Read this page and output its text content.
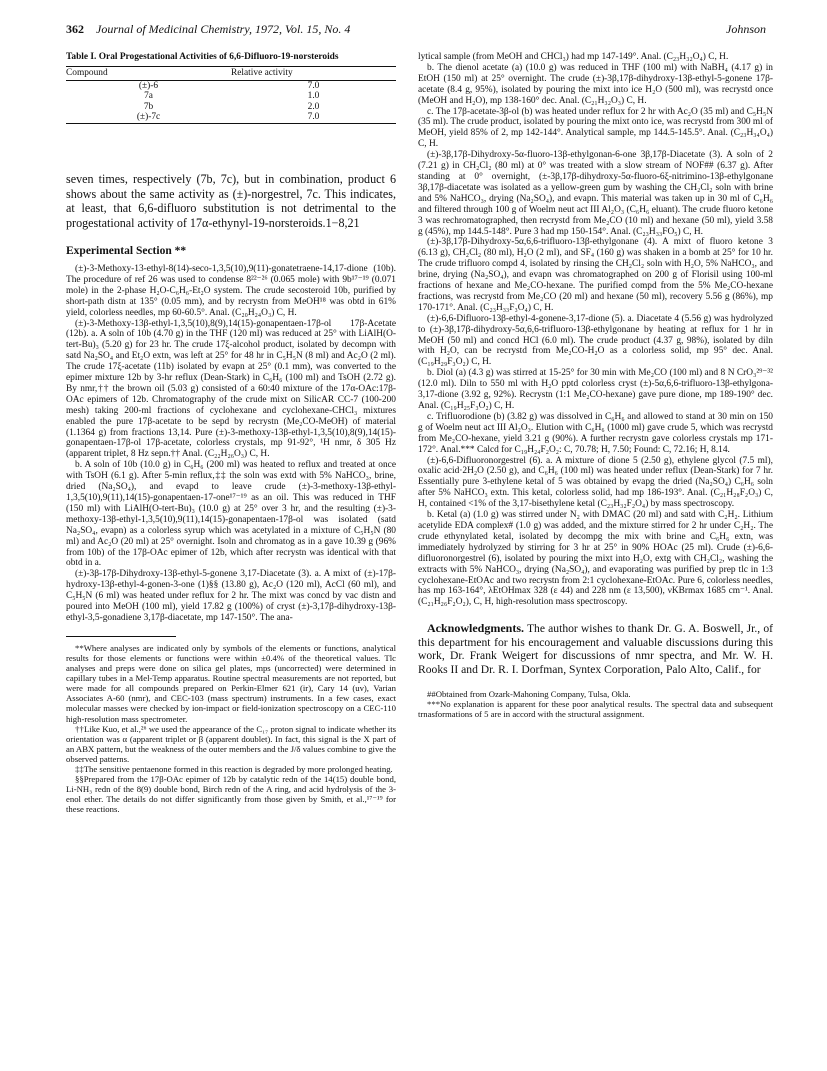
362 Journal of Medicinal Chemistry, 1972, Vol. 15, No. 4	Johnson
Table I. Oral Progestational Activities of 6,6-Difluoro-19-norsteroids
Compound	Relative activity
(±)-6	7.0
7a	1.0
7b	2.0
(±)-7c	7.0
seven times, respectively (7b, 7c), but in combination, product 6 shows about the same activity as (±)-norgestrel, 7c. This indicates, at least, that 6,6-difluoro substitution is not detrimental to the progestational activity of 17α-ethynyl-19-norsteroids.1−8,21
Experimental Section **

(±)-3-Methoxy-13-ethyl-8(14)-seco-1,3,5(10),9(11)-gonatetraene-14,17-dione (10b). The procedure of ref 26 was used to condense 8²²⁻²⁶ (0.065 mole) with 9b¹⁷⁻¹⁹ (0.071 mole) in the 2-phase H₂O-C₆H₆-Et₂O system. The crude secosteroid 10b, purified by short-path distn at 135° (0.05 mm), and by recrystn from MeOH¹⁸ was obtd in 61% yield, colorless needles, mp 60-60.5°. Anal. (C₂₀H₂₄O₃) C, H.

(±)-3-Methoxy-13β-ethyl-1,3,5(10),8(9),14(15)-gonapentaen-17β-ol 17β-Acetate (12b). a. A soln of 10b (4.70 g) in the THF (120 ml) was reduced at 25° with LiAlH(O-tert-Bu)₃ (5.20 g) for 23 hr. The crude 17ξ-alcohol product, isolated by decompn with satd Na₂SO₄ and Et₂O extn, was left at 25° for 48 hr in C₅H₅N (8 ml) and Ac₂O (2 ml). The crude 17ξ-acetate (11b) isolated by evapn at 25° (0.1 mm), was converted to the epimer mixture 12b by 3-hr reflux (Dean-Stark) in C₆H₆ (100 ml) and TsOH (2.72 g). By nmr,†† the brown oil (5.03 g) consisted of a 60:40 mixture of the 17α-OAc:17β-OAc epimers of 12b. Chromatography of the crude mixt on SilicAR CC-7 (100-200 mesh) taking 200-ml fractions of cyclohexane and cyclohexane-CHCl₃ mixtures enabled the pure 17β-acetate to be sepd by recrystn (Me₂CO-MeOH) of material (1.1364 g) from fractions 13,14. Pure (±)-3-methoxy-13β-ethyl-1,3,5(10),8(9),14(15)-gonapentaen-17β-ol 17β-acetate, colorless crystals, mp 91-92°, ¹H nmr, δ 305 Hz (apparent triplet, 8 Hz sepn.†† Anal. (C₂₂H₂₆O₃) C, H.

b. A soln of 10b (10.0 g) in C₆H₆ (200 ml) was heated to reflux and treated at once with TsOH (6.1 g). After 5-min reflux,‡‡ the soln was extd with 5% NaHCO₃, brine, dried (Na₂SO₄), and evapd to leave crude (±)-3-methoxy-13β-ethyl-1,3,5(10),9(11),14(15)-gonapentaen-17-one¹⁷⁻¹⁹ as an oil. This was reduced in THF (150 ml) with LiAlH(O-tert-Bu)₃ (10.0 g) at 25° over 3 hr, and the resulting (±)-3-methoxy-13β-ethyl-1,3,5(10),9(11),14(15)-gonapentaen-17β-ol was isolated (satd Na₂SO₄, evapn) as a colorless syrup which was acetylated in a mixture of C₅H₅N (80 ml) and Ac₂O (20 ml) at 25° overnight. Isoln and chromatog as in a gave 10.39 g (96% from 10b) of the 17β-OAc epimer of 12b, which after recrystn was identical with that obtd in a.

(±)-3β-17β-Dihydroxy-13β-ethyl-5-gonene 3,17-Diacetate (3). a. A mixt of (±)-17β-hydroxy-13β-ethyl-4-gonen-3-one (1)§§ (13.80 g), Ac₂O (120 ml), AcCl (60 ml), and C₅H₅N (6 ml) was heated under reflux for 2 hr. The mixt was concd by vac distn and poured into MeOH (100 ml), yield 17.82 g (100%) of cryst (±)-3,17β-dihydroxy-13β-ethyl-3,5-gonadiene 3,17β-diacetate, mp 147-150°. The ana-

**Where analyses are indicated only by symbols of the elements or functions, analytical results for those elements or functions were within ±0.4% of the theoretical values. Tlc analyses and preps were done on silica gel plates, mps (uncorrected) were determined in capillary tubes in a Mel-Temp apparatus. Routine spectral measurements are not reported, but were made for all compounds prepared on Perkin-Elmer 621 (ir), Cary 14 (uv), Varian Associates A-60 (nmr), and CEC-103 (mass spectrum) instruments. In a few cases, exact molecular masses were checked by ion-impact or field-ionization spectroscopy on a CEC-110 high-resolution mass spectrometer.

††Like Kuo, et al.,²⁶ we used the appearance of the C₁₇ proton signal to indicate whether its orientation was α (apparent triplet or β (apparent doublet). In fact, this signal is the X part of an ABX pattern, but the weakness of the outer members and the J/δ values combine to give the observed patterns.

‡‡The sensitive pentaenone formed in this reaction is degraded by more prolonged heating.

§§Prepared from the 17β-OAc epimer of 12b by catalytic redn of the 14(15) double bond, Li-NH₃ redn of the 8(9) double bond, Birch redn of the A ring, and acid hydrolysis of the 3-enol ether. The details do not differ significantly from those given by Smith, et al.,¹⁷⁻¹⁹ for these reactions.

lytical sample (from MeOH and CHCl₃) had mp 147-149°. Anal. (C₂₃H₃₂O₄) C, H.

b. The dienol acetate (a) (10.0 g) was reduced in THF (100 ml) with NaBH₄ (4.17 g) in EtOH (150 ml) at 25° overnight. The crude (±)-3β,17β-dihydroxy-13β-ethyl-5-gonene 17β-acetate (8.4 g, 95%), isolated by pouring the mixt into ice H₂O (500 ml), was recrystd once (MeOH and H₂O), mp 138-160° dec. Anal. (C₂₁H₃₂O₃) C, H.

c. The 17β-acetate-3β-ol (b) was heated under reflux for 2 hr with Ac₂O (35 ml) and C₅H₅N (35 ml). The crude product, isolated by pouring the mixt onto ice, was recrystd from 300 ml of MeOH, yield 85% of 2, mp 142-144°. Analytical sample, mp 144.5-145.5°. Anal. (C₂₃H₃₄O₄) C, H.

(±)-3β,17β-Dihydroxy-5α-fluoro-13β-ethylgonan-6-one 3β,17β-Diacetate (3). A soln of 2 (7.21 g) in CH₂Cl₂ (80 ml) at 0° was treated with a slow stream of NOF## (6.37 g). After standing at 0° overnight, (±-3β,17β-dihydroxy-5α-fluoro-6ξ-nitrimino-13β-ethylgonane 3β,17β-diacetate was isolated as a yellow-green gum by washing the CH₂Cl₂ soln with brine and 5% NaHCO₃, drying (Na₂SO₄), and evapn. This material was taken up in 30 ml of C₆H₆ and filtered through 100 g of Woelm neut act III Al₂O₃ (C₆H₆ eluant). The crude fluoro ketone 3 was rechromatographed, then recrystd from Me₂CO (10 ml) and hexane (50 ml), yield 3.58 g (45%), mp 144.5-148°. Pure 3 had mp 150-154°. Anal. (C₂₃H₃₃FO₅) C, H.

(±)-3β,17β-Dihydroxy-5α,6,6-trifluoro-13β-ethylgonane (4). A mixt of fluoro ketone 3 (6.13 g), CH₂Cl₂ (80 ml), H₂O (2 ml), and SF₄ (160 g) was shaken in a bomb at 25° for 10 hr. The crude trifluoro compd 4, isolated by rinsing the CH₂Cl₂ soln with H₂O, 5% NaHCO₃, and brine, drying (Na₂SO₄), and evapn was chromatographed on 200 g of Florisil using 100-ml fractions of hexane and Me₂CO-hexane. The purified compd from the 5% Me₂CO-hexane fractions, was recrystd from Me₂CO (20 ml) and hexane (50 ml), recovery 5.56 g (86%), mp 170-171°. Anal. (C₂₃H₃₃F₃O₄) C, H.

(±)-6,6-Difluoro-13β-ethyl-4-gonene-3,17-dione (5). a. Diacetate 4 (5.56 g) was hydrolyzed to (±)-3β,17β-dihydroxy-5α,6,6-trifluoro-13β-ethylgonane by heating at reflux for 1 hr in MeOH (50 ml) and concd HCl (6.0 ml). The crude product (4.37 g, 98%), isolated by diln with H₂O, can be recrystd from Me₂CO-H₂O as a colorless solid, mp 95° dec. Anal. (C₁₉H₂₉F₃O₂) C, H.

b. Diol (a) (4.3 g) was stirred at 15-25° for 30 min with Me₂CO (100 ml) and 8 N CrO₃²⁹⁻³² (12.0 ml). Diln to 550 ml with H₂O pptd colorless cryst (±)-5α,6,6-trifluoro-13β-ethylgona-3,17-dione (3.92 g, 92%). Recrystn (1:1 Me₂CO-hexane) gave pure dione, mp 189-190° dec. Anal. (C₁₉H₂₅F₃O₂) C, H.

c. Trifluorodione (b) (3.82 g) was dissolved in C₆H₆ and allowed to stand at 30 min on 150 g of Woelm neut act III Al₂O₃. Elution with C₆H₆ (1000 ml) gave crude 5, which was recrystd from Me₂CO-hexane, yield 3.21 g (90%). A further recrystn gave colorless crystals mp 171-172°. Anal.*** Calcd for C₁₉H₂₄F₂O₂: C, 70.78; H, 7.50; Found: C, 72.16; H, 8.14.

(±)-6,6-Difluoronorgestrel (6). a. A mixture of dione 5 (2.50 g), ethylene glycol (7.5 ml), oxalic acid·2H₂O (2.50 g), and C₆H₆ (100 ml) was heated under reflux (Dean-Stark) for 7 hr. Essentially pure 3-ethylene ketal of 5 was obtained by evapg the dried (Na₂SO₄) C₆H₆ soln after 5% NaHCO₃ extn. This ketal, colorless solid, had mp 186-193°. Anal. (C₂₁H₂₈F₂O₃) C, H, contained <1% of the 3,17-bisethylene ketal (C₂₃H₃₂F₂O₄) by mass spectroscopy.

b. Ketal (a) (1.0 g) was stirred under N₂ with DMAC (20 ml) and satd with C₂H₂. Lithium acetylide EDA complex# (1.0 g) was added, and the mixture stirred for 2 hr under C₂H₂. The crude ethynylated ketal, isolated by decompg the mix with brine and C₆H₆ extn, was immediately hydrolyzed by stirring for 3 hr at 25° in 90% HOAc (25 ml). Crude (±)-6,6-difluoronorgestrel (6), isolated by pouring the mixt into H₂O, extg with CH₂Cl₂, washing the extracts with 5% NaHCO₃, drying (Na₂SO₄), and evaporating was purified by prep tlc in 1:3 cyclohexane-EtOAc and two recrystn from 2:1 cyclohexane-EtOAc. Pure 6, colorless needles, has mp 163-164°, λEtOHmax 328 (ε 44) and 228 nm (ε 13,500), νKBrmax 1685 cm⁻¹. Anal. (C₂₁H₂₆F₂O₂), C, H, high-resolution mass spectroscopy.

Acknowledgments. The author wishes to thank Dr. G. A. Boswell, Jr., of this department for his encouragement and valuable discussions during this work, Dr. Frank Weigert for discussions of nmr spectra, and Mr. W. H. Rooks II and Dr. R. I. Dorfman, Syntex Corporation, Palo Alto, Calif., for

##Obtained from Ozark-Mahoning Company, Tulsa, Okla.

***No explanation is apparent for these poor analytical results. The spectral data and subsequent trnasformations of 5 are in accord with the structural assignment.
